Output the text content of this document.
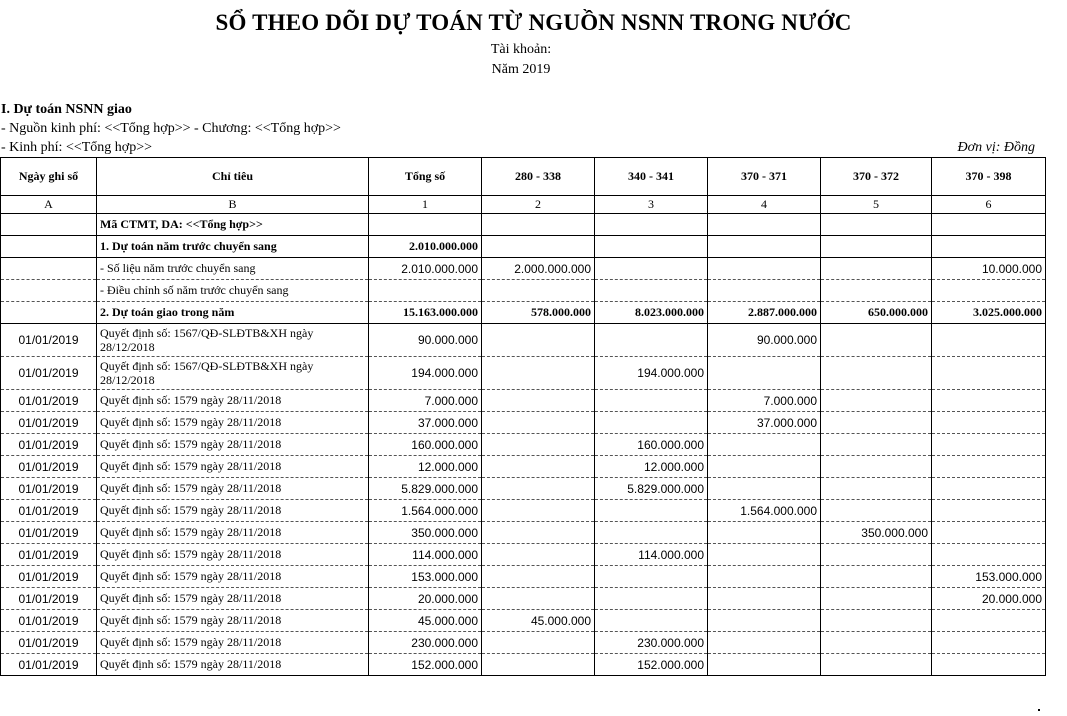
SỔ THEO DÕI DỰ TOÁN TỪ NGUỒN NSNN TRONG NƯỚC
Tài khoản:
Năm 2019
I. Dự toán NSNN giao
- Nguồn kinh phí: <<Tổng hợp>> - Chương: <<Tổng hợp>>
- Kinh phí: <<Tổng hợp>>	Đơn vị: Đồng
Ngày ghi sổ	Chỉ tiêu	Tổng số	280 - 338	340 - 341	370 - 371	370 - 372	370 - 398
A	B	1	2	3	4	5	6
	Mã CTMT, DA: <<Tổng hợp>>						
	1. Dự toán năm trước chuyển sang	2.010.000.000					
	- Số liệu năm trước chuyển sang	2.010.000.000	2.000.000.000				10.000.000
	- Điều chỉnh số năm trước chuyển sang						
	2. Dự toán giao trong năm	15.163.000.000	578.000.000	8.023.000.000	2.887.000.000	650.000.000	3.025.000.000
01/01/2019	Quyết định số: 1567/QĐ-SLĐTB&XH ngày 28/12/2018	90.000.000			90.000.000		
01/01/2019	Quyết định số: 1567/QĐ-SLĐTB&XH ngày 28/12/2018	194.000.000		194.000.000			
01/01/2019	Quyết định số: 1579 ngày 28/11/2018	7.000.000			7.000.000		
01/01/2019	Quyết định số: 1579 ngày 28/11/2018	37.000.000			37.000.000		
01/01/2019	Quyết định số: 1579 ngày 28/11/2018	160.000.000		160.000.000			
01/01/2019	Quyết định số: 1579 ngày 28/11/2018	12.000.000		12.000.000			
01/01/2019	Quyết định số: 1579 ngày 28/11/2018	5.829.000.000		5.829.000.000			
01/01/2019	Quyết định số: 1579 ngày 28/11/2018	1.564.000.000			1.564.000.000		
01/01/2019	Quyết định số: 1579 ngày 28/11/2018	350.000.000				350.000.000	
01/01/2019	Quyết định số: 1579 ngày 28/11/2018	114.000.000		114.000.000			
01/01/2019	Quyết định số: 1579 ngày 28/11/2018	153.000.000					153.000.000
01/01/2019	Quyết định số: 1579 ngày 28/11/2018	20.000.000					20.000.000
01/01/2019	Quyết định số: 1579 ngày 28/11/2018	45.000.000	45.000.000				
01/01/2019	Quyết định số: 1579 ngày 28/11/2018	230.000.000		230.000.000			
01/01/2019	Quyết định số: 1579 ngày 28/11/2018	152.000.000		152.000.000			
